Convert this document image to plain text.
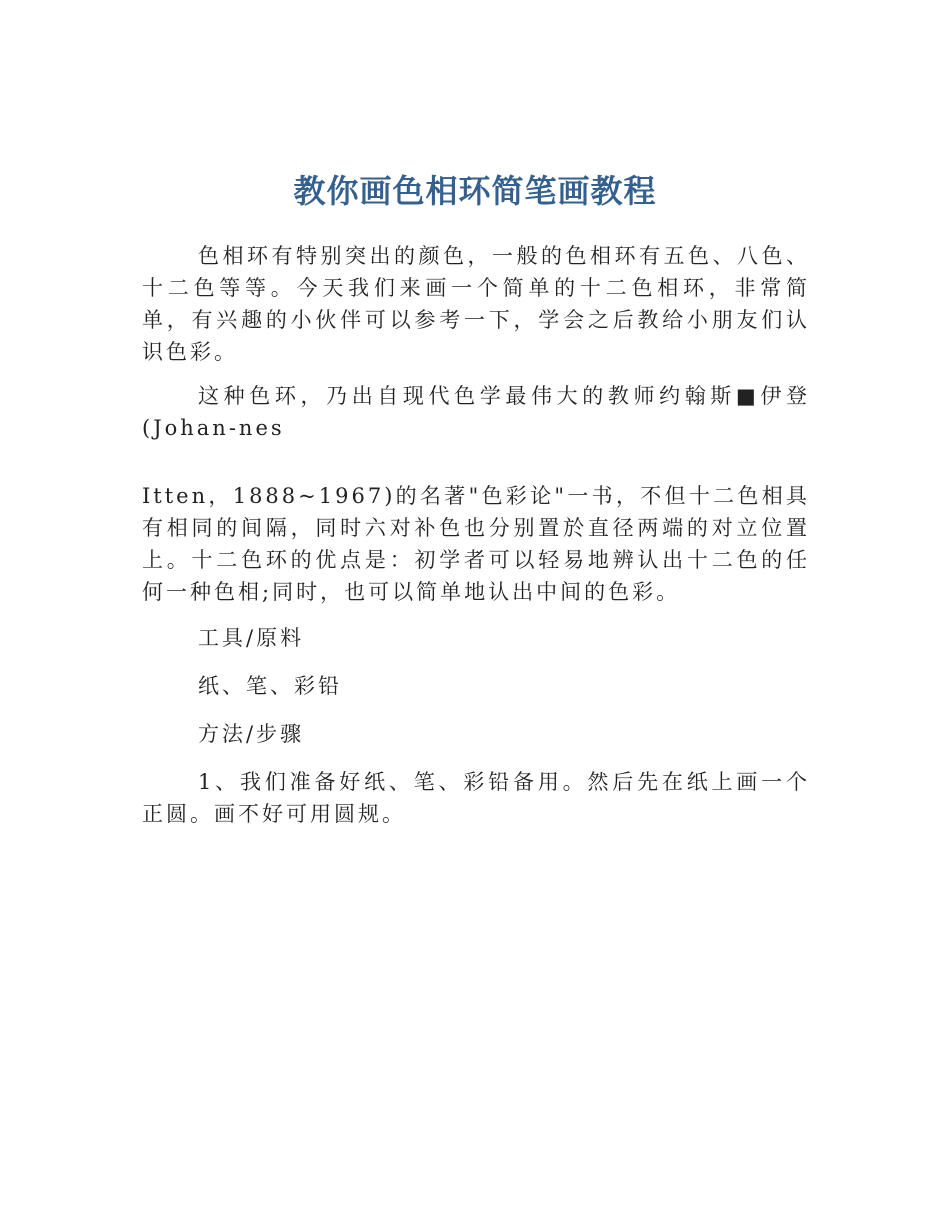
教你画色相环简笔画教程

色相环有特别突出的颜色，一般的色相环有五色、八色、十二色等等。今天我们来画一个简单的十二色相环，非常简单，有兴趣的小伙伴可以参考一下，学会之后教给小朋友们认识色彩。

这种色环，乃出自现代色学最伟大的教师约翰斯■伊登(Johan-nes

Itten，1888~1967)的名著"色彩论"一书，不但十二色相具有相同的间隔，同时六对补色也分别置於直径两端的对立位置上。十二色环的优点是：初学者可以轻易地辨认出十二色的任何一种色相;同时，也可以简单地认出中间的色彩。

工具/原料

纸、笔、彩铅

方法/步骤

1、我们准备好纸、笔、彩铅备用。然后先在纸上画一个正圆。画不好可用圆规。
